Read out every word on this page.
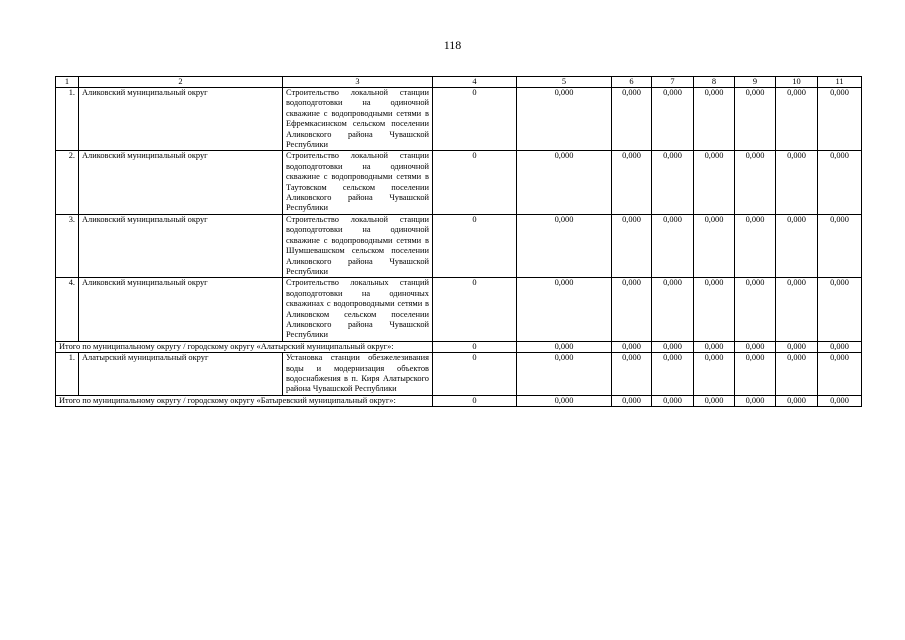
118
1	2	3	4	5	6	7	8	9	10	11
1.	Аликовский муниципальный округ	Строительство локальной станции водоподготовки на одиночной скважине с водопроводными сетями в Ефремкасинском сельском поселении Аликовского района Чувашской Республики	0	0,000	0,000	0,000	0,000	0,000	0,000	0,000
2.	Аликовский муниципальный округ	Строительство локальной станции водоподготовки на одиночной скважине с водопроводными сетями в Таутовском сельском поселении Аликовского района Чувашской Республики	0	0,000	0,000	0,000	0,000	0,000	0,000	0,000
3.	Аликовский муниципальный округ	Строительство локальной станции водоподготовки на одиночной скважине с водопроводными сетями в Шумшевашском сельском поселении Аликовского района Чувашской Республики	0	0,000	0,000	0,000	0,000	0,000	0,000	0,000
4.	Аликовский муниципальный округ	Строительство локальных станций водоподготовки на одиночных скважинах с водопроводными сетями в Аликовском сельском поселении Аликовского района Чувашской Республики	0	0,000	0,000	0,000	0,000	0,000	0,000	0,000
Итого по муниципальному округу / городскому округу «Алатырский муниципальный округ»:			0	0,000	0,000	0,000	0,000	0,000	0,000	0,000
1.	Алатырский муниципальный округ	Установка станции обезжелезивания воды и модернизация объектов водоснабжения в п. Киря Алатырского района Чувашской Республики	0	0,000	0,000	0,000	0,000	0,000	0,000	0,000
Итого по муниципальному округу / городскому округу «Батыревский муниципальный округ»:			0	0,000	0,000	0,000	0,000	0,000	0,000	0,000
